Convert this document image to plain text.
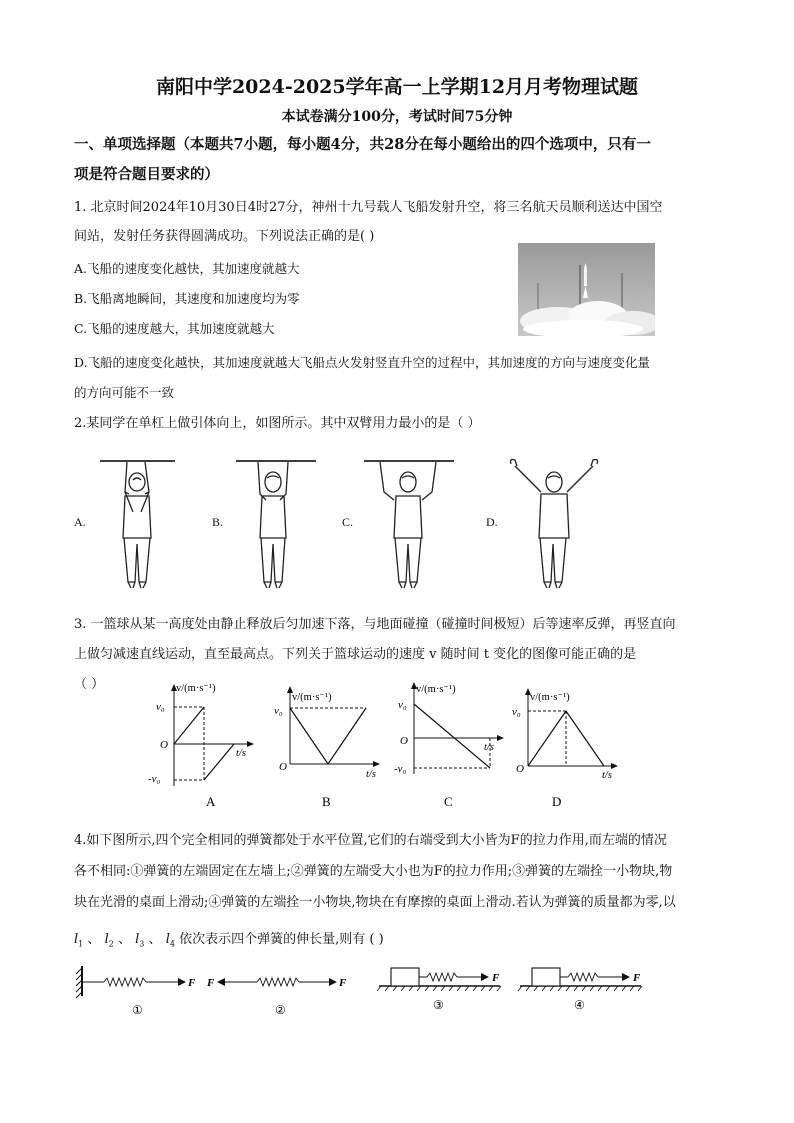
南阳中学2024-2025学年高一上学期12月月考物理试题
本试卷满分100分，考试时间75分钟
一、单项选择题（本题共7小题，每小题4分，共28分在每小题给出的四个选项中，只有一
项是符合题目要求的）
1. 北京时间2024年10月30日4时27分，神州十九号载人飞船发射升空，将三名航天员顺利送达中国空
间站，发射任务获得圆满成功。下列说法正确的是( )
A.飞船的速度变化越快，其加速度就越大
B.飞船离地瞬间，其速度和加速度均为零
C.飞船的速度越大，其加速度就越大
D.飞船的速度变化越快，其加速度就越大飞船点火发射竖直升空的过程中，其加速度的方向与速度变化量
的方向可能不一致
2.某同学在单杠上做引体向上，如图所示。其中双臂用力最小的是（ ）
A.	B.	C.	D.
3. 一篮球从某一高度处由静止释放后匀加速下落，与地面碰撞（碰撞时间极短）后等速率反弹，再竖直向
上做匀减速直线运动，直至最高点。下列关于篮球运动的速度 v 随时间 t 变化的图像可能正确的是
（ ）	v/(m·s⁻¹)
t/s
O
v₀
-v₀
A
v/(m·s⁻¹)
t/s
O
v₀
B
v/(m·s⁻¹)
t/s
O
v₀
-v₀
C
v/(m·s⁻¹)
t/s
O
v₀
D
4.如下图所示,四个完全相同的弹簧都处于水平位置,它们的右端受到大小皆为F的拉力作用,而左端的情况
各不相同:①弹簧的左端固定在左墙上;②弹簧的左端受大小也为F的拉力作用;③弹簧的左端拴一小物块,物
块在光滑的桌面上滑动;④弹簧的左端拴一小物块,物块在有摩擦的桌面上滑动.若认为弹簧的质量都为零,以
$l_1$ 、 $l_2$ 、 $l_3$ 、 $l_4$ 依次表示四个弹簧的伸长量,则有 ( )
F
①
F	F
②
F
③
F
④
